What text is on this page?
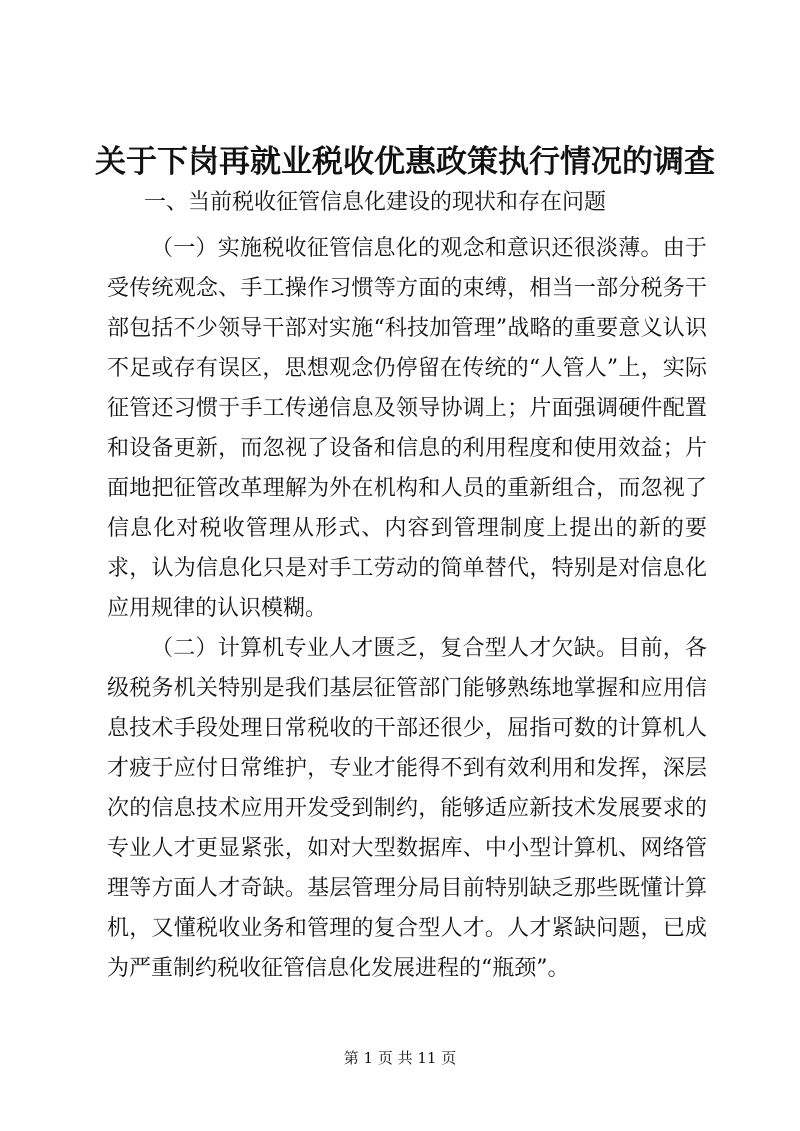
关于下岗再就业税收优惠政策执行情况的调查

一、当前税收征管信息化建设的现状和存在问题

（一）实施税收征管信息化的观念和意识还很淡薄。由于受传统观念、手工操作习惯等方面的束缚，相当一部分税务干部包括不少领导干部对实施“科技加管理”战略的重要意义认识不足或存有误区，思想观念仍停留在传统的“人管人”上，实际征管还习惯于手工传递信息及领导协调上；片面强调硬件配置和设备更新，而忽视了设备和信息的利用程度和使用效益；片面地把征管改革理解为外在机构和人员的重新组合，而忽视了信息化对税收管理从形式、内容到管理制度上提出的新的要求，认为信息化只是对手工劳动的简单替代，特别是对信息化应用规律的认识模糊。

（二）计算机专业人才匮乏，复合型人才欠缺。目前，各级税务机关特别是我们基层征管部门能够熟练地掌握和应用信息技术手段处理日常税收的干部还很少，屈指可数的计算机人才疲于应付日常维护，专业才能得不到有效利用和发挥，深层次的信息技术应用开发受到制约，能够适应新技术发展要求的专业人才更显紧张，如对大型数据库、中小型计算机、网络管理等方面人才奇缺。基层管理分局目前特别缺乏那些既懂计算机，又懂税收业务和管理的复合型人才。人才紧缺问题，已成为严重制约税收征管信息化发展进程的“瓶颈”。

第 1 页 共 11 页
